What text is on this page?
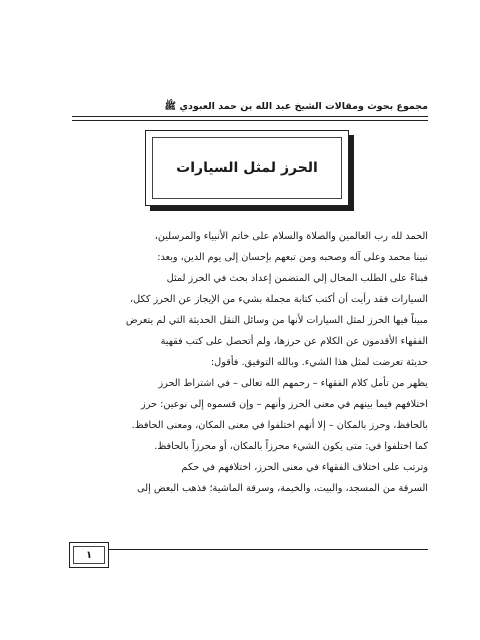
مجموع بحوث ومقالات الشيخ عبد الله بن حمد العبودي ﷺ
الحرز لمثل السيارات
الحمد لله رب العالمين والصلاة والسلام على خاتم الأنبياء والمرسلين،
نبينا محمد وعلى آله وصحبه ومن تبعهم بإحسان إلى يوم الدين، وبعد:
فبناءً على الطلب المحال إلي المتضمن إعداد بحث في الحرز لمثل
السيارات فقد رأيت أن أكتب كتابة مجملة بشيء من الإيجاز عن الحرز ككل،
مبيناً فيها الحرز لمثل السيارات لأنها من وسائل النقل الحديثة التي لم يتعرض
الفقهاء الأقدمون عن الكلام عن حرزها، ولم أتحصل على كتب فقهية
حديثة تعرضت لمثل هذا الشيء. وبالله التوفيق. فأقول:
يظهر من تأمل كلام الفقهاء – رحمهم الله تعالى – في اشتراط الحرز
اختلافهم فيما بينهم في معنى الحرز وأنهم – وإن قسموه إلى نوعين: حرز
بالحافظ، وحرز بالمكان – إلا أنهم اختلفوا في معنى المكان، ومعنى الحافظ.
كما اختلفوا في: متى يكون الشيء محرزاً بالمكان، أو محرزاً بالحافظ.
وترتب على اختلاف الفقهاء في معنى الحرز، اختلافهم في حكم
السرقة من المسجد، والبيت، والخيمة، وسرقة الماشية؛ فذهب البعض إلى
١
